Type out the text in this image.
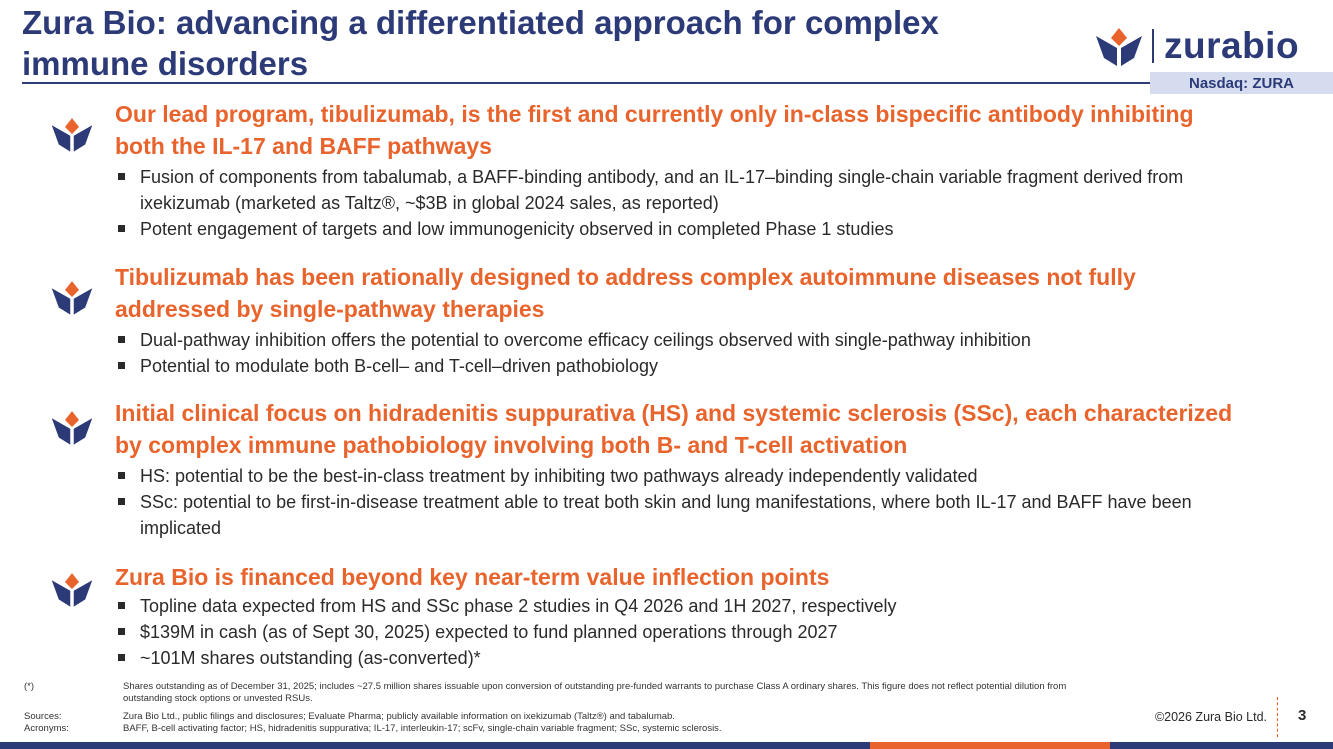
Zura Bio: advancing a differentiated approach for complex immune disorders	zurabio
Nasdaq: ZURA
Our lead program, tibulizumab, is the first and currently only in-class bispecific antibody inhibiting both the IL-17 and BAFF pathways
Fusion of components from tabalumab, a BAFF-binding antibody, and an IL-17–binding single-chain variable fragment derived from ixekizumab (marketed as Taltz®, ~$3B in global 2024 sales, as reported)
Potent engagement of targets and low immunogenicity observed in completed Phase 1 studies
Tibulizumab has been rationally designed to address complex autoimmune diseases not fully addressed by single-pathway therapies
Dual-pathway inhibition offers the potential to overcome efficacy ceilings observed with single-pathway inhibition
Potential to modulate both B-cell– and T-cell–driven pathobiology
Initial clinical focus on hidradenitis suppurativa (HS) and systemic sclerosis (SSc), each characterized by complex immune pathobiology involving both B- and T-cell activation
HS: potential to be the best-in-class treatment by inhibiting two pathways already independently validated
SSc: potential to be first-in-disease treatment able to treat both skin and lung manifestations, where both IL-17 and BAFF have been implicated
Zura Bio is financed beyond key near-term value inflection points
Topline data expected from HS and SSc phase 2 studies in Q4 2026 and 1H 2027, respectively
$139M in cash (as of Sept 30, 2025) expected to fund planned operations through 2027
~101M shares outstanding (as-converted)*
(*)	Shares outstanding as of December 31, 2025; includes ~27.5 million shares issuable upon conversion of outstanding pre-funded warrants to purchase Class A ordinary shares. This figure does not reflect potential dilution from outstanding stock options or unvested RSUs.
Sources:	Zura Bio Ltd., public filings and disclosures; Evaluate Pharma; publicly available information on ixekizumab (Taltz®) and tabalumab.
Acronyms:	BAFF, B-cell activating factor; HS, hidradenitis suppurativa; IL-17, interleukin-17; scFv, single-chain variable fragment; SSc, systemic sclerosis.
©2026 Zura Bio Ltd. 3
